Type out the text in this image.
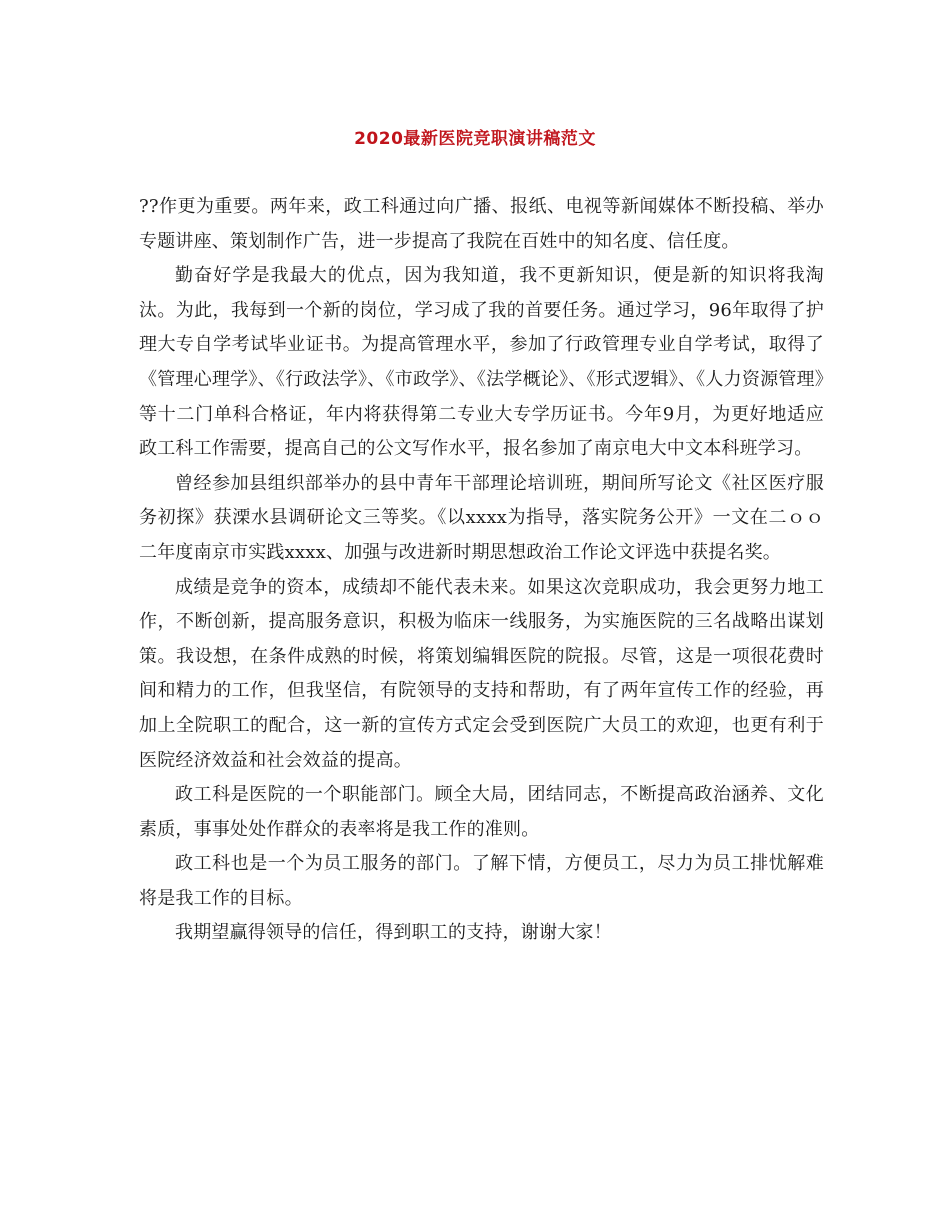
2020最新医院竞职演讲稿范文

??作更为重要。两年来，政工科通过向广播、报纸、电视等新闻媒体不断投稿、举办专题讲座、策划制作广告，进一步提高了我院在百姓中的知名度、信任度。

勤奋好学是我最大的优点，因为我知道，我不更新知识，便是新的知识将我淘汰。为此，我每到一个新的岗位，学习成了我的首要任务。通过学习，96年取得了护理大专自学考试毕业证书。为提高管理水平，参加了行政管理专业自学考试，取得了《管理心理学》、《行政法学》、《市政学》、《法学概论》、《形式逻辑》、《人力资源管理》等十二门单科合格证，年内将获得第二专业大专学历证书。今年9月，为更好地适应政工科工作需要，提高自己的公文写作水平，报名参加了南京电大中文本科班学习。

曾经参加县组织部举办的县中青年干部理论培训班，期间所写论文《社区医疗服务初探》获溧水县调研论文三等奖。《以xxxx为指导，落实院务公开》一文在二ｏｏ二年度南京市实践xxxx、加强与改进新时期思想政治工作论文评选中获提名奖。

成绩是竞争的资本，成绩却不能代表未来。如果这次竞职成功，我会更努力地工作，不断创新，提高服务意识，积极为临床一线服务，为实施医院的三名战略出谋划策。我设想，在条件成熟的时候，将策划编辑医院的院报。尽管，这是一项很花费时间和精力的工作，但我坚信，有院领导的支持和帮助，有了两年宣传工作的经验，再加上全院职工的配合，这一新的宣传方式定会受到医院广大员工的欢迎，也更有利于医院经济效益和社会效益的提高。

政工科是医院的一个职能部门。顾全大局，团结同志，不断提高政治涵养、文化素质，事事处处作群众的表率将是我工作的准则。

政工科也是一个为员工服务的部门。了解下情，方便员工，尽力为员工排忧解难将是我工作的目标。

我期望赢得领导的信任，得到职工的支持，谢谢大家！
